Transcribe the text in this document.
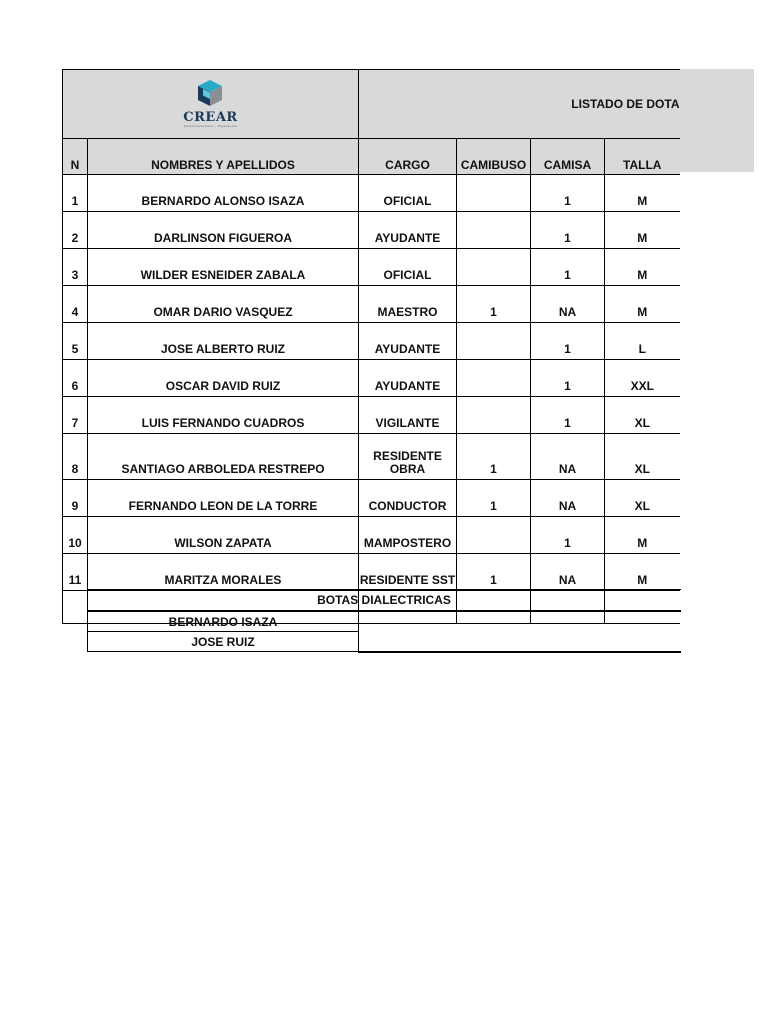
CREAR
Construcciones · Ingeniería		LISTADO DE DOTA			
N	NOMBRES Y APELLIDOS	CARGO	CAMIBUSO	CAMISA	TALLA
1	BERNARDO ALONSO ISAZA	OFICIAL		1	M
2	DARLINSON FIGUEROA	AYUDANTE		1	M
3	WILDER ESNEIDER ZABALA	OFICIAL		1	M
4	OMAR DARIO VASQUEZ	MAESTRO	1	NA	M
5	JOSE ALBERTO RUIZ	AYUDANTE		1	L
6	OSCAR DAVID RUIZ	AYUDANTE		1	XXL
7	LUIS FERNANDO CUADROS	VIGILANTE		1	XL
8	SANTIAGO ARBOLEDA RESTREPO	RESIDENTE OBRA	1	NA	XL
9	FERNANDO LEON DE LA TORRE	CONDUCTOR	1	NA	XL
10	WILSON ZAPATA	MAMPOSTERO		1	M
11	MARITZA MORALES	RESIDENTE SST	1	NA	M

BOTAS DIALECTRICAS
BERNARDO ISAZA	
JOSE RUIZ
